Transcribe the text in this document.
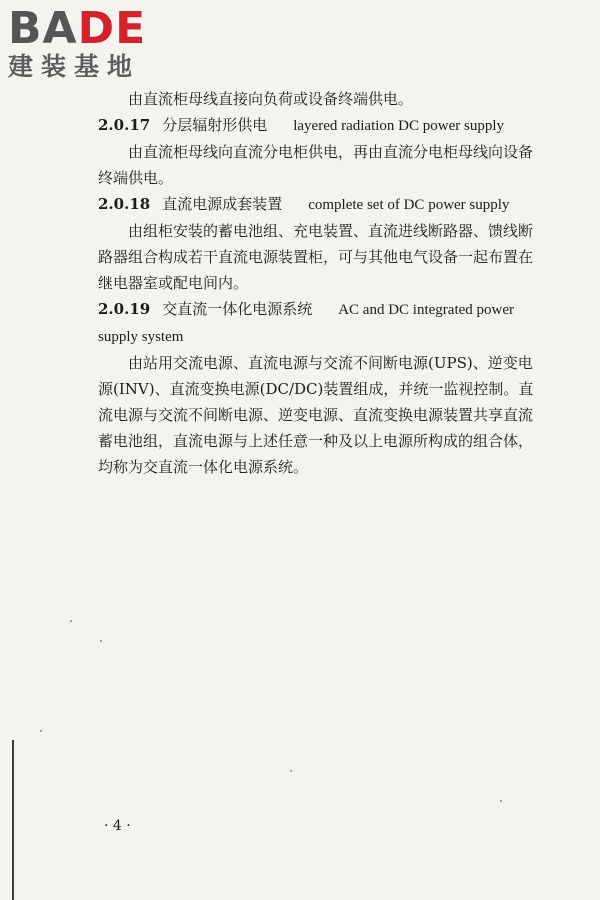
BADE
建装基地

由直流柜母线直接向负荷或设备终端供电。

2.0.17 分层辐射形供电 layered radiation DC power supply

由直流柜母线向直流分电柜供电，再由直流分电柜母线向设备终端供电。

2.0.18 直流电源成套装置 complete set of DC power supply

由组柜安装的蓄电池组、充电装置、直流进线断路器、馈线断路器组合构成若干直流电源装置柜，可与其他电气设备一起布置在继电器室或配电间内。

2.0.19 交直流一体化电源系统 AC and DC integrated power supply system

由站用交流电源、直流电源与交流不间断电源(UPS)、逆变电源(INV)、直流变换电源(DC/DC)装置组成，并统一监视控制。直流电源与交流不间断电源、逆变电源、直流变换电源装置共享直流蓄电池组，直流电源与上述任意一种及以上电源所构成的组合体，均称为交直流一体化电源系统。

· 4 ·
